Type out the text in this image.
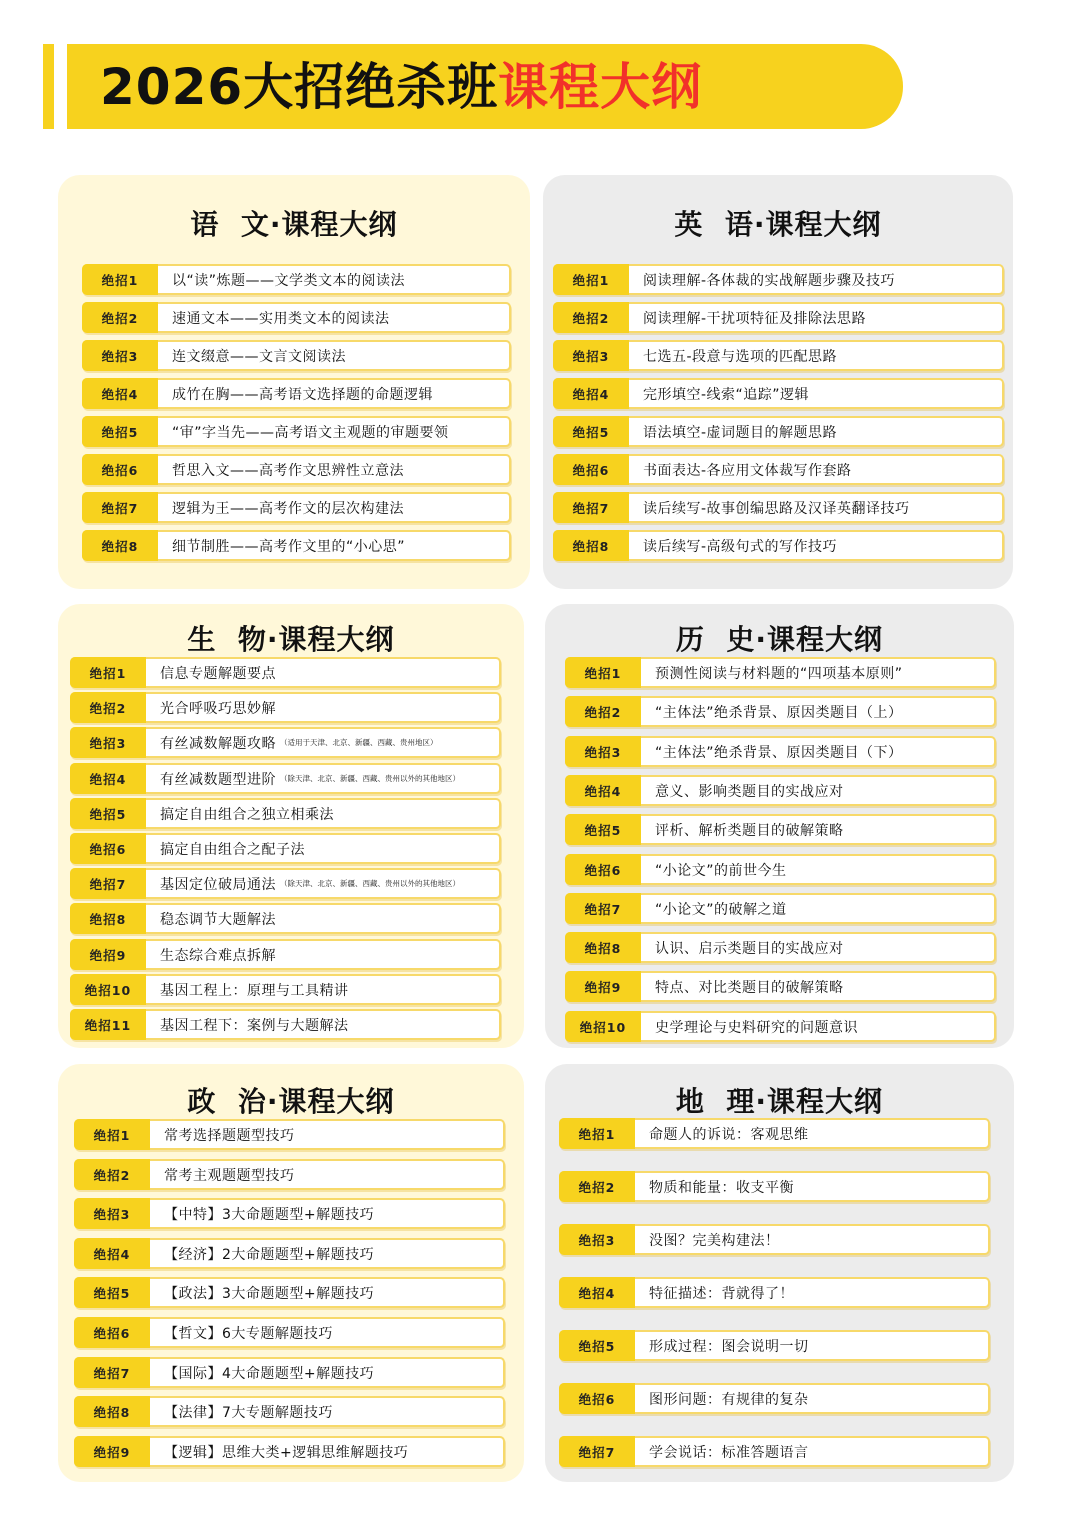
2026大招绝杀班课程大纲
语  文·课程大纲
绝招1	以“读”炼题——文学类文本的阅读法
绝招2	速通文本——实用类文本的阅读法
绝招3	连文缀意——文言文阅读法
绝招4	成竹在胸——高考语文选择题的命题逻辑
绝招5	“审”字当先——高考语文主观题的审题要领
绝招6	哲思入文——高考作文思辨性立意法
绝招7	逻辑为王——高考作文的层次构建法
绝招8	细节制胜——高考作文里的“小心思”
英  语·课程大纲
绝招1	阅读理解-各体裁的实战解题步骤及技巧
绝招2	阅读理解-干扰项特征及排除法思路
绝招3	七选五-段意与选项的匹配思路
绝招4	完形填空-线索“追踪”逻辑
绝招5	语法填空-虚词题目的解题思路
绝招6	书面表达-各应用文体裁写作套路
绝招7	读后续写-故事创编思路及汉译英翻译技巧
绝招8	读后续写-高级句式的写作技巧
生  物·课程大纲
绝招1	信息专题解题要点
绝招2	光合呼吸巧思妙解
绝招3	有丝减数解题攻略 （适用于天津、北京、新疆、西藏、贵州地区）
绝招4	有丝减数题型进阶 （除天津、北京、新疆、西藏、贵州以外的其他地区）
绝招5	搞定自由组合之独立相乘法
绝招6	搞定自由组合之配子法
绝招7	基因定位破局通法 （除天津、北京、新疆、西藏、贵州以外的其他地区）
绝招8	稳态调节大题解法
绝招9	生态综合难点拆解
绝招10	基因工程上：原理与工具精讲
绝招11	基因工程下：案例与大题解法
历  史·课程大纲
绝招1	预测性阅读与材料题的“四项基本原则”
绝招2	“主体法”绝杀背景、原因类题目（上）
绝招3	“主体法”绝杀背景、原因类题目（下）
绝招4	意义、影响类题目的实战应对
绝招5	评析、解析类题目的破解策略
绝招6	“小论文”的前世今生
绝招7	“小论文”的破解之道
绝招8	认识、启示类题目的实战应对
绝招9	特点、对比类题目的破解策略
绝招10	史学理论与史料研究的问题意识
政  治·课程大纲
绝招1	常考选择题题型技巧
绝招2	常考主观题题型技巧
绝招3	【中特】3大命题题型+解题技巧
绝招4	【经济】2大命题题型+解题技巧
绝招5	【政法】3大命题题型+解题技巧
绝招6	【哲文】6大专题解题技巧
绝招7	【国际】4大命题题型+解题技巧
绝招8	【法律】7大专题解题技巧
绝招9	【逻辑】思维大类+逻辑思维解题技巧
地  理·课程大纲
绝招1	命题人的诉说：客观思维
绝招2	物质和能量：收支平衡
绝招3	没图？完美构建法！
绝招4	特征描述：背就得了！
绝招5	形成过程：图会说明一切
绝招6	图形问题：有规律的复杂
绝招7	学会说话：标准答题语言
